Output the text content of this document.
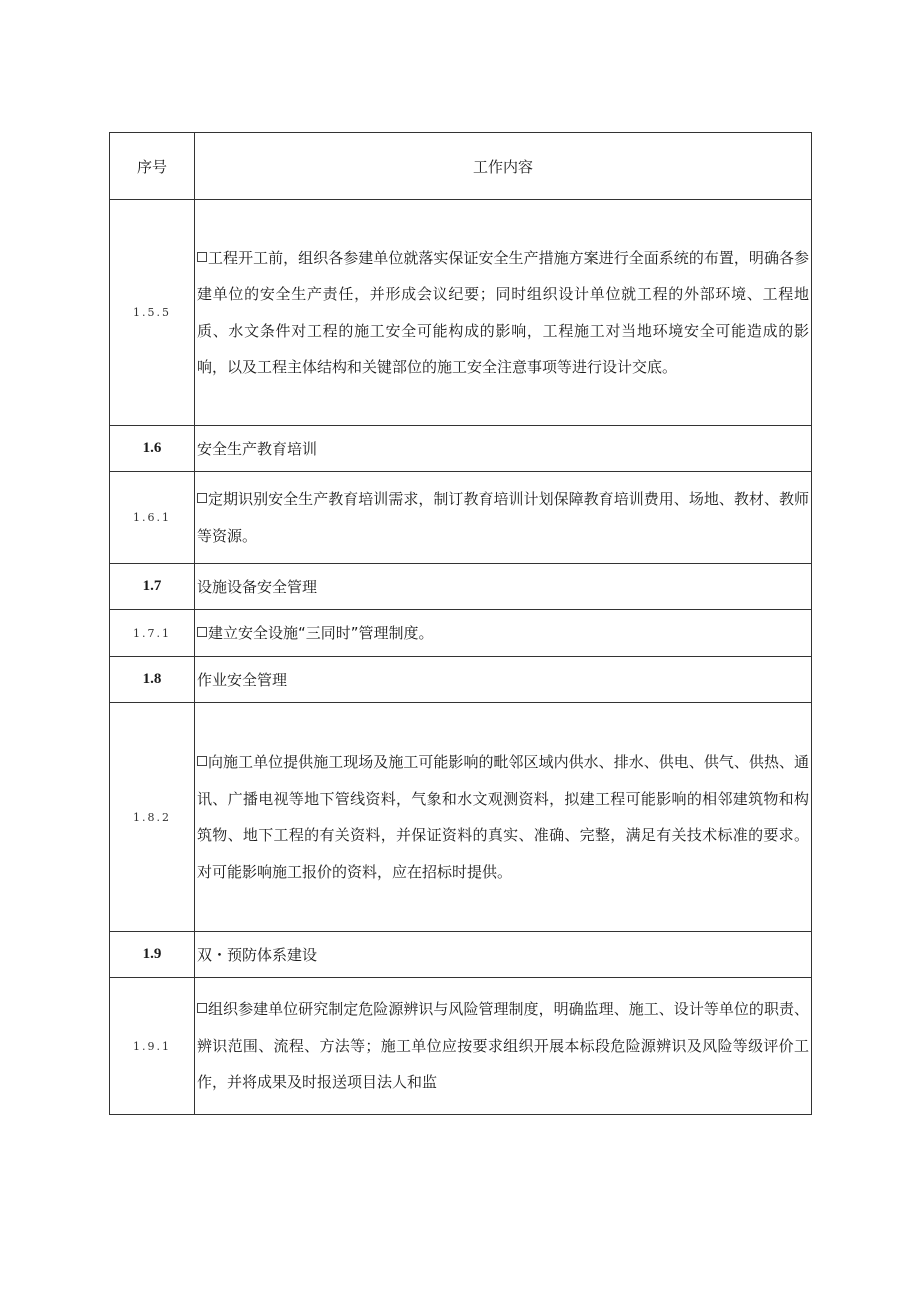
序号	工作内容
1.5.5	工程开工前，组织各参建单位就落实保证安全生产措施方案进行全面系统的布置，明确各参建单位的安全生产责任，并形成会议纪要；同时组织设计单位就工程的外部环境、工程地质、水文条件对工程的施工安全可能构成的影响，工程施工对当地环境安全可能造成的影响，以及工程主体结构和关键部位的施工安全注意事项等进行设计交底。
1.6	安全生产教育培训
1.6.1	定期识别安全生产教育培训需求，制订教育培训计划保障教育培训费用、场地、教材、教师等资源。
1.7	设施设备安全管理
1.7.1	建立安全设施“三同时”管理制度。
1.8	作业安全管理
1.8.2	向施工单位提供施工现场及施工可能影响的毗邻区域内供水、排水、供电、供气、供热、通讯、广播电视等地下管线资料，气象和水文观测资料，拟建工程可能影响的相邻建筑物和构筑物、地下工程的有关资料，并保证资料的真实、准确、完整，满足有关技术标准的要求。对可能影响施工报价的资料，应在招标时提供。
1.9	双・预防体系建设
1.9.1	组织参建单位研究制定危险源辨识与风险管理制度，明确监理、施工、设计等单位的职责、辨识范围、流程、方法等；施工单位应按要求组织开展本标段危险源辨识及风险等级评价工作，并将成果及时报送项目法人和监
